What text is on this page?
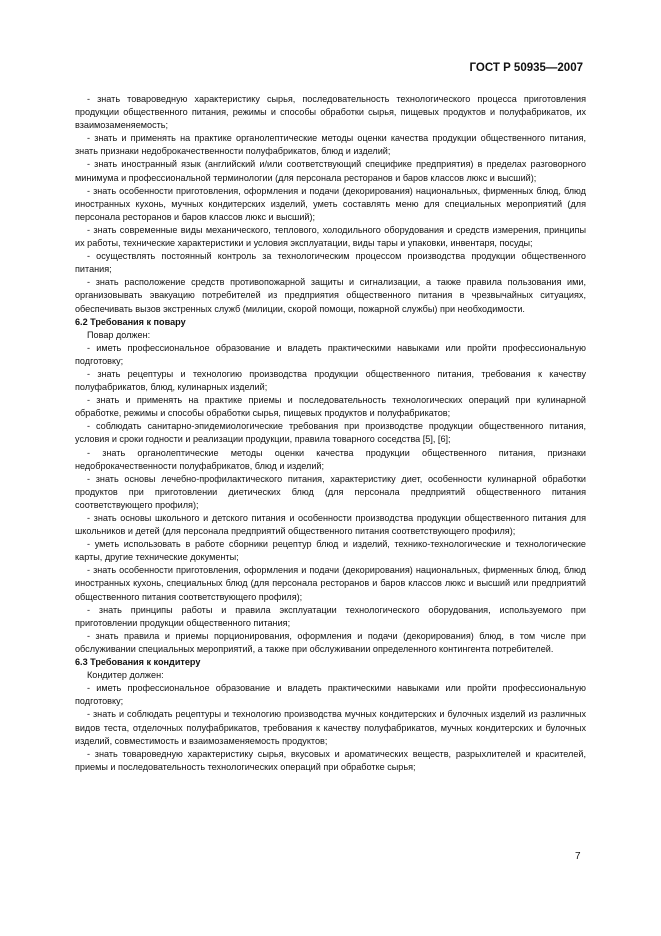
ГОСТ Р 50935—2007

- знать товароведную характеристику сырья, последовательность технологического процесса приготовления продукции общественного питания, режимы и способы обработки сырья, пищевых продуктов и полуфабрикатов, их взаимозаменяемость;

- знать и применять на практике органолептические методы оценки качества продукции общественного питания, знать признаки недоброкачественности полуфабрикатов, блюд и изделий;

- знать иностранный язык (английский и/или соответствующий специфике предприятия) в пределах разговорного минимума и профессиональной терминологии (для персонала ресторанов и баров классов люкс и высший);

- знать особенности приготовления, оформления и подачи (декорирования) национальных, фирменных блюд, блюд иностранных кухонь, мучных кондитерских изделий, уметь составлять меню для специальных мероприятий (для персонала ресторанов и баров классов люкс и высший);

- знать современные виды механического, теплового, холодильного оборудования и средств измерения, принципы их работы, технические характеристики и условия эксплуатации, виды тары и упаковки, инвентаря, посуды;

- осуществлять постоянный контроль за технологическим процессом производства продукции общественного питания;

- знать расположение средств противопожарной защиты и сигнализации, а также правила пользования ими, организовывать эвакуацию потребителей из предприятия общественного питания в чрезвычайных ситуациях, обеспечивать вызов экстренных служб (милиции, скорой помощи, пожарной службы) при необходимости.

6.2 Требования к повару

Повар должен:

- иметь профессиональное образование и владеть практическими навыками или пройти профессиональную подготовку;

- знать рецептуры и технологию производства продукции общественного питания, требования к качеству полуфабрикатов, блюд, кулинарных изделий;

- знать и применять на практике приемы и последовательность технологических операций при кулинарной обработке, режимы и способы обработки сырья, пищевых продуктов и полуфабрикатов;

- соблюдать санитарно-эпидемиологические требования при производстве продукции общественного питания, условия и сроки годности и реализации продукции, правила товарного соседства [5], [6];

- знать органолептические методы оценки качества продукции общественного питания, признаки недоброкачественности полуфабрикатов, блюд и изделий;

- знать основы лечебно-профилактического питания, характеристику диет, особенности кулинарной обработки продуктов при приготовлении диетических блюд (для персонала предприятий общественного питания соответствующего профиля);

- знать основы школьного и детского питания и особенности производства продукции общественного питания для школьников и детей (для персонала предприятий общественного питания соответствующего профиля);

- уметь использовать в работе сборники рецептур блюд и изделий, технико-технологические и технологические карты, другие технические документы;

- знать особенности приготовления, оформления и подачи (декорирования) национальных, фирменных блюд, блюд иностранных кухонь, специальных блюд (для персонала ресторанов и баров классов люкс и высший или предприятий общественного питания соответствующего профиля);

- знать принципы работы и правила эксплуатации технологического оборудования, используемого при приготовлении продукции общественного питания;

- знать правила и приемы порционирования, оформления и подачи (декорирования) блюд, в том числе при обслуживании специальных мероприятий, а также при обслуживании определенного контингента потребителей.

6.3 Требования к кондитеру

Кондитер должен:

- иметь профессиональное образование и владеть практическими навыками или пройти профессиональную подготовку;

- знать и соблюдать рецептуры и технологию производства мучных кондитерских и булочных изделий из различных видов теста, отделочных полуфабрикатов, требования к качеству полуфабрикатов, мучных кондитерских и булочных изделий, совместимость и взаимозаменяемость продуктов;

- знать товароведную характеристику сырья, вкусовых и ароматических веществ, разрыхлителей и красителей, приемы и последовательность технологических операций при обработке сырья;

7
